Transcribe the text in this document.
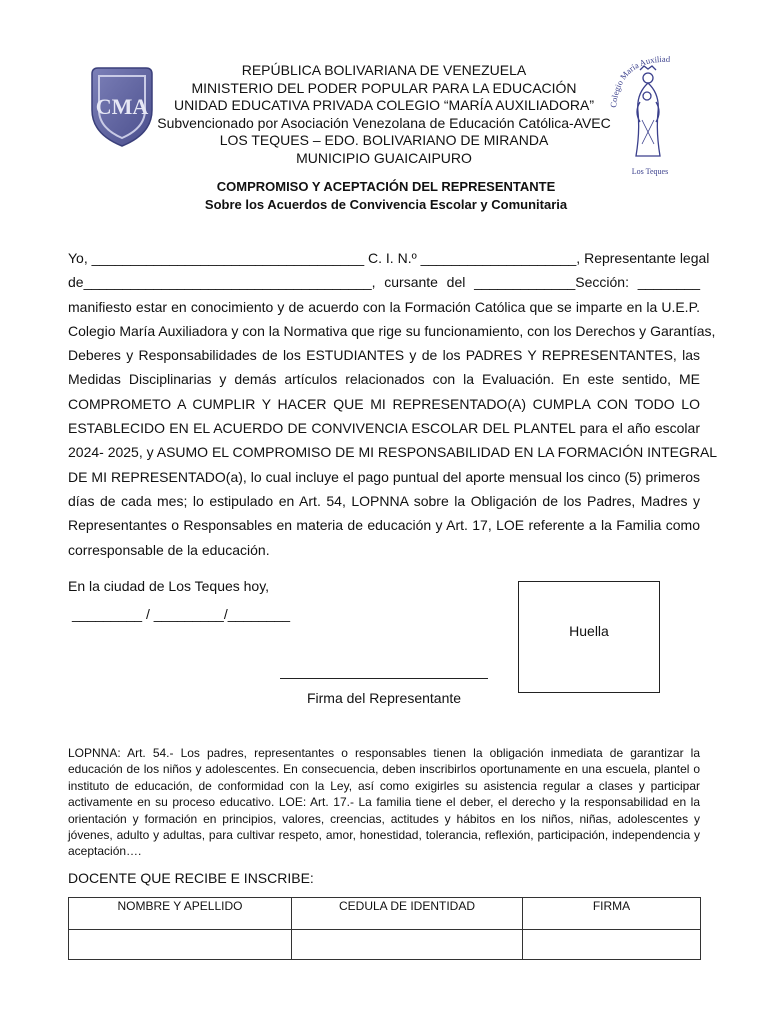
CMA	legio María Auxiliad
Los Teques
REPÚBLICA BOLIVARIANA DE VENEZUELA
MINISTERIO DEL PODER POPULAR PARA LA EDUCACIÓN
UNIDAD EDUCATIVA PRIVADA COLEGIO “MARÍA AUXILIADORA”
Subvencionado por Asociación Venezolana de Educación Católica-AVEC
LOS TEQUES – EDO. BOLIVARIANO DE MIRANDA
MUNICIPIO GUAICAIPURO
COMPROMISO Y ACEPTACIÓN DEL REPRESENTANTE
Sobre los Acuerdos de Convivencia Escolar y Comunitaria
Yo, ___________________________________ C. I. N.º ____________________, Representante legal
de_____________________________________, cursante del _____________Sección: ________
manifiesto estar en conocimiento y de acuerdo con la Formación Católica que se imparte en la U.E.P.
Colegio María Auxiliadora y con la Normativa que rige su funcionamiento, con los Derechos y Garantías,
Deberes y Responsabilidades de los ESTUDIANTES y de los PADRES Y REPRESENTANTES, las
Medidas Disciplinarias y demás artículos relacionados con la Evaluación. En este sentido, ME
COMPROMETO A CUMPLIR Y HACER QUE MI REPRESENTADO(A) CUMPLA CON TODO LO
ESTABLECIDO EN EL ACUERDO DE CONVIVENCIA ESCOLAR DEL PLANTEL para el año escolar
2024- 2025, y ASUMO EL COMPROMISO DE MI RESPONSABILIDAD EN LA FORMACIÓN INTEGRAL
DE MI REPRESENTADO(a), lo cual incluye el pago puntual del aporte mensual los cinco (5) primeros
días de cada mes; lo estipulado en Art. 54, LOPNNA sobre la Obligación de los Padres, Madres y
Representantes o Responsables en materia de educación y Art. 17, LOE referente a la Familia como
corresponsable de la educación.
En la ciudad de Los Teques hoy,
_________ / _________/________
Firma del Representante
Huella
LOPNNA: Art. 54.- Los padres, representantes o responsables tienen la obligación inmediata de garantizar la educación de los niños y adolescentes. En consecuencia, deben inscribirlos oportunamente en una escuela, plantel o instituto de educación, de conformidad con la Ley, así como exigirles su asistencia regular a clases y participar activamente en su proceso educativo. LOE: Art. 17.- La familia tiene el deber, el derecho y la responsabilidad en la orientación y formación en principios, valores, creencias, actitudes y hábitos en los niños, niñas, adolescentes y jóvenes, adulto y adultas, para cultivar respeto, amor, honestidad, tolerancia, reflexión, participación, independencia y aceptación….
DOCENTE QUE RECIBE E INSCRIBE:
NOMBRE Y APELLIDO	CEDULA DE IDENTIDAD	FIRMA
